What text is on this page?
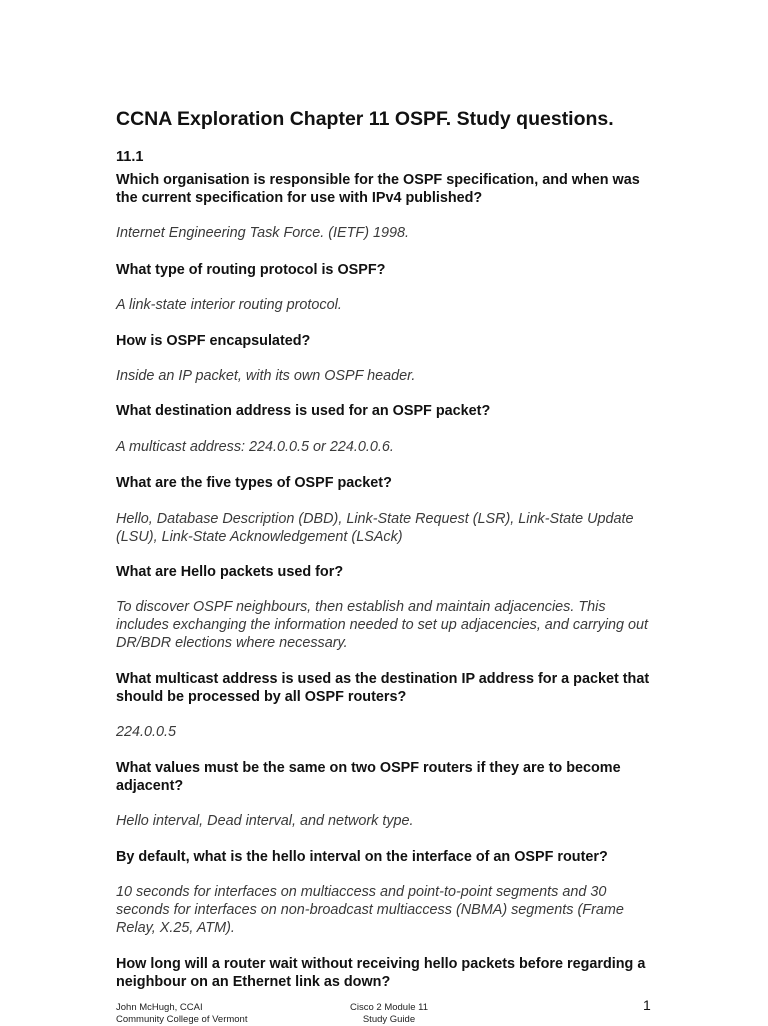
CCNA Exploration Chapter 11 OSPF. Study questions.
11.1
Which organisation is responsible for the OSPF specification, and when was the current specification for use with IPv4 published?
Internet Engineering Task Force. (IETF) 1998.
What type of routing protocol is OSPF?
A link-state interior routing protocol.
How is OSPF encapsulated?
Inside an IP packet, with its own OSPF header.
What destination address is used for an OSPF packet?
A multicast address: 224.0.0.5 or 224.0.0.6.
What are the five types of OSPF packet?
Hello, Database Description (DBD), Link-State Request (LSR), Link-State Update (LSU), Link-State Acknowledgement (LSAck)
What are Hello packets used for?
To discover OSPF neighbours, then establish and maintain adjacencies. This includes exchanging the information needed to set up adjacencies, and carrying out DR/BDR elections where necessary.
What multicast address is used as the destination IP address for a packet that should be processed by all OSPF routers?
224.0.0.5
What values must be the same on two OSPF routers if they are to become adjacent?
Hello interval, Dead interval, and network type.
By default, what is the hello interval on the interface of an OSPF router?
10 seconds for interfaces on multiaccess and point-to-point segments and 30 seconds for interfaces on non-broadcast multiaccess (NBMA) segments (Frame Relay, X.25, ATM).
How long will a router wait without receiving hello packets before regarding a neighbour on an Ethernet link as down?
John McHugh, CCAI
Community College of Vermont
Cisco 2 Module 11
Study Guide
1
